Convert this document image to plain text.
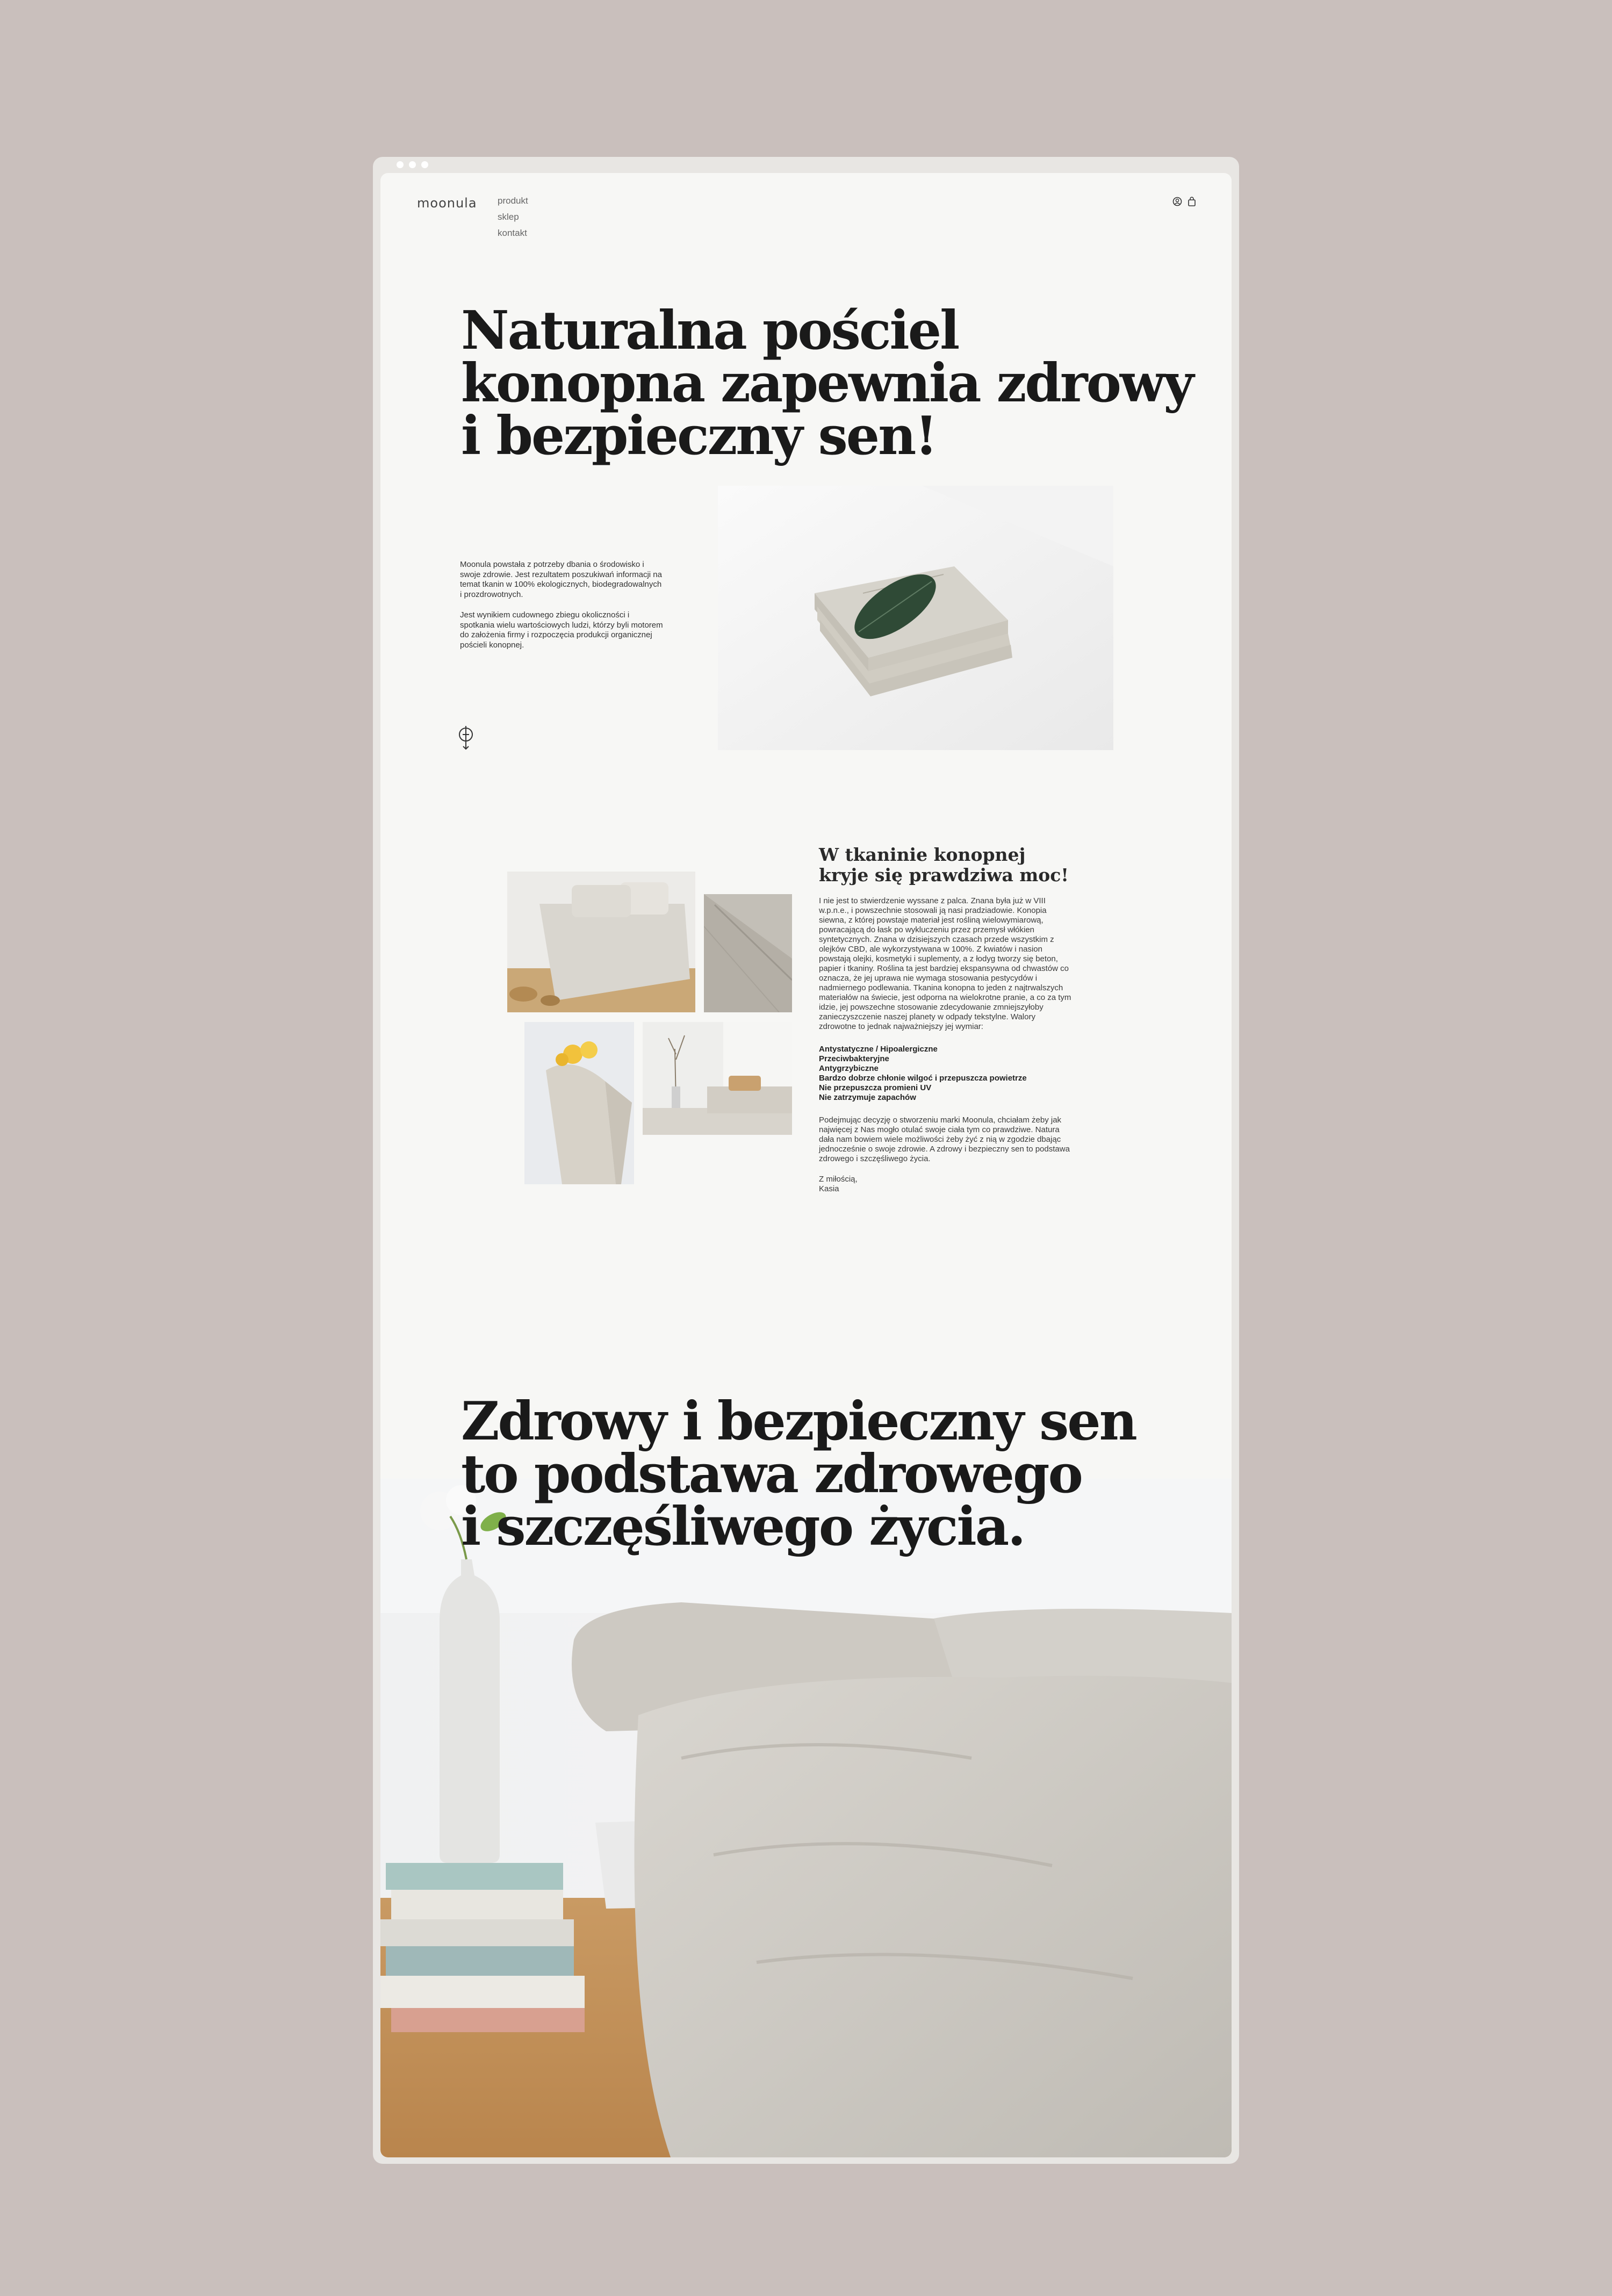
moonula produkt
sklep
kontakt
Naturalna pościel
konopna zapewnia zdrowy
i bezpieczny sen!

Moonula powstała z potrzeby dbania o środowisko i swoje zdrowie. Jest rezultatem poszukiwań informacji na temat tkanin w 100% ekologicznych, biodegradowalnych i prozdrowotnych.

Jest wynikiem cudownego zbiegu okoliczności i spotkania wielu wartościowych ludzi, którzy byli motorem do założenia firmy i rozpoczęcia produkcji organicznej pościeli konopnej.

W tkaninie konopnej kryje się prawdziwa moc!

I nie jest to stwierdzenie wyssane z palca. Znana była już w VIII w.p.n.e., i powszechnie stosowali ją nasi pradziadowie. Konopia siewna, z której powstaje materiał jest rośliną wielowymiarową, powracającą do łask po wykluczeniu przez przemysł włókien syntetycznych. Znana w dzisiejszych czasach przede wszystkim z olejków CBD, ale wykorzystywana w 100%. Z kwiatów i nasion powstają olejki, kosmetyki i suplementy, a z łodyg tworzy się beton, papier i tkaniny. Roślina ta jest bardziej ekspansywna od chwastów co oznacza, że jej uprawa nie wymaga stosowania pestycydów i nadmiernego podlewania. Tkanina konopna to jeden z najtrwalszych materiałów na świecie, jest odporna na wielokrotne pranie, a co za tym idzie, jej powszechne stosowanie zdecydowanie zmniejszyłoby zanieczyszczenie naszej planety w odpady tekstylne. Walory zdrowotne to jednak najważniejszy jej wymiar:

Antystatyczne / Hipoalergiczne
Przeciwbakteryjne
Antygrzybiczne
Bardzo dobrze chłonie wilgoć i przepuszcza powietrze
Nie przepuszcza promieni UV
Nie zatrzymuje zapachów

Podejmując decyzję o stworzeniu marki Moonula, chciałam żeby jak najwięcej z Nas mogło otulać swoje ciała tym co prawdziwe. Natura dała nam bowiem wiele możliwości żeby żyć z nią w zgodzie dbając jednocześnie o swoje zdrowie. A zdrowy i bezpieczny sen to podstawa zdrowego i szczęśliwego życia.

Z miłością,
Kasia

Zdrowy i bezpieczny sen
to podstawa zdrowego
i szczęśliwego życia.
